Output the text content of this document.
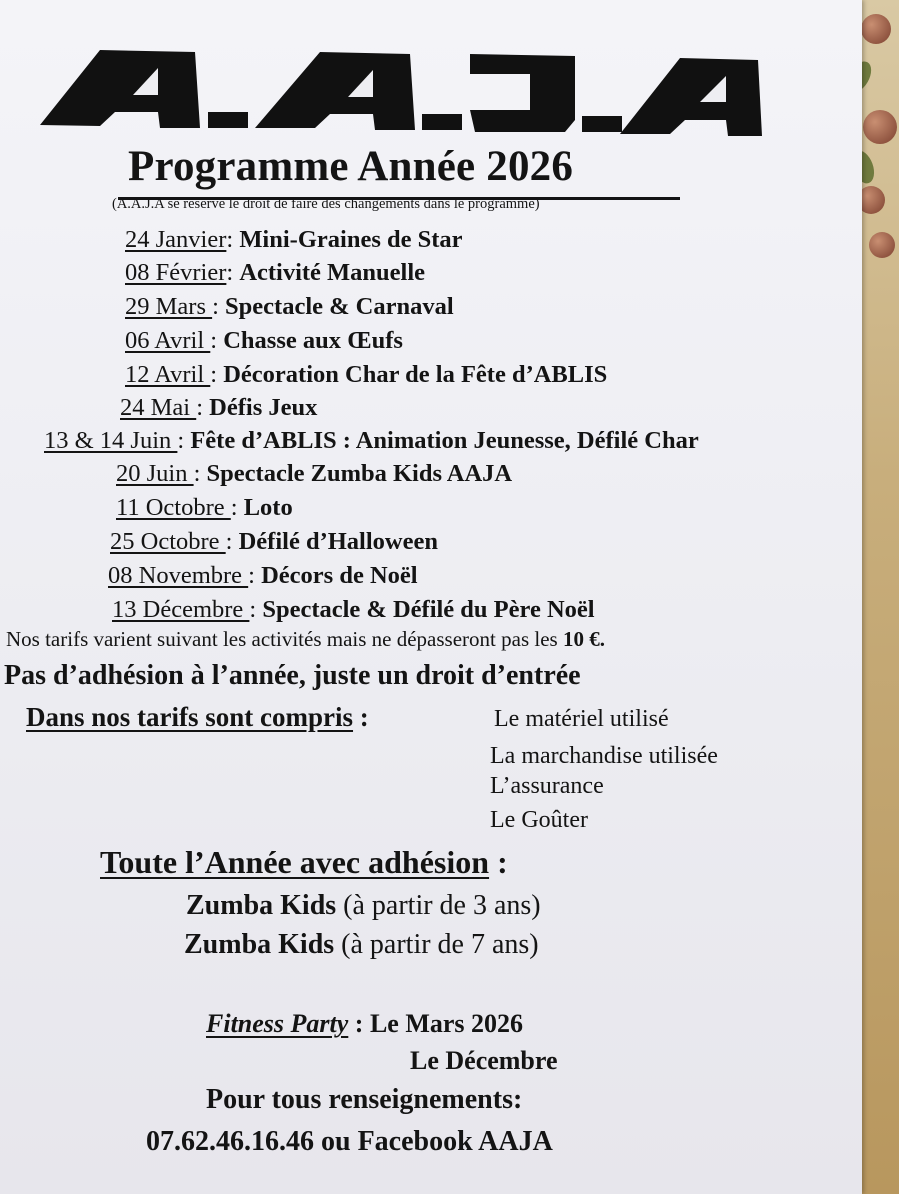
Programme Année 2026
(A.A.J.A se réserve le droit de faire des changements dans le programme)
24 Janvier: Mini-Graines de Star
08 Février: Activité Manuelle
29 Mars : Spectacle & Carnaval
06 Avril : Chasse aux Œufs
12 Avril : Décoration Char de la Fête d’ABLIS
24 Mai : Défis Jeux
13 & 14 Juin : Fête d’ABLIS : Animation Jeunesse, Défilé Char
20 Juin : Spectacle Zumba Kids AAJA
11 Octobre : Loto
25 Octobre : Défilé d’Halloween
08 Novembre : Décors de Noël
13 Décembre : Spectacle & Défilé du Père Noël
Nos tarifs varient suivant les activités mais ne dépasseront pas les 10 €.
Pas d’adhésion à l’année, juste un droit d’entrée
Dans nos tarifs sont compris :	Le matériel utilisé
La marchandise utilisée
L’assurance
Le Goûter
Toute l’Année avec adhésion :
Zumba Kids (à partir de 3 ans)
Zumba Kids (à partir de 7 ans)
Fitness Party : Le Mars 2026
Le Décembre
Pour tous renseignements:
07.62.46.16.46 ou Facebook AAJA
